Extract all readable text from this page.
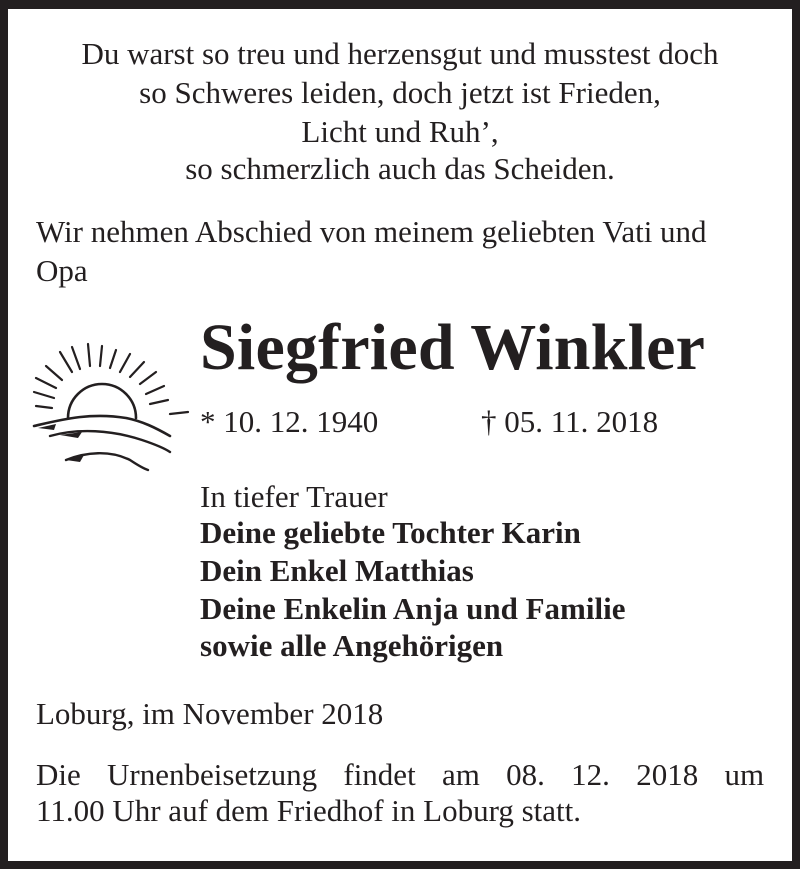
Du warst so treu und herzensgut und musstest doch
so Schweres leiden, doch jetzt ist Frieden,
Licht und Ruh’,
so schmerzlich auch das Scheiden.
Wir nehmen Abschied von meinem geliebten Vati und
Opa
Siegfried Winkler
* 10. 12. 1940	† 05. 11. 2018
In tiefer Trauer
Deine geliebte Tochter Karin
Dein Enkel Matthias
Deine Enkelin Anja und Familie
sowie alle Angehörigen
Loburg, im November 2018
Die Urnenbeisetzung findet am 08. 12. 2018 um
11.00 Uhr auf dem Friedhof in Loburg statt.
